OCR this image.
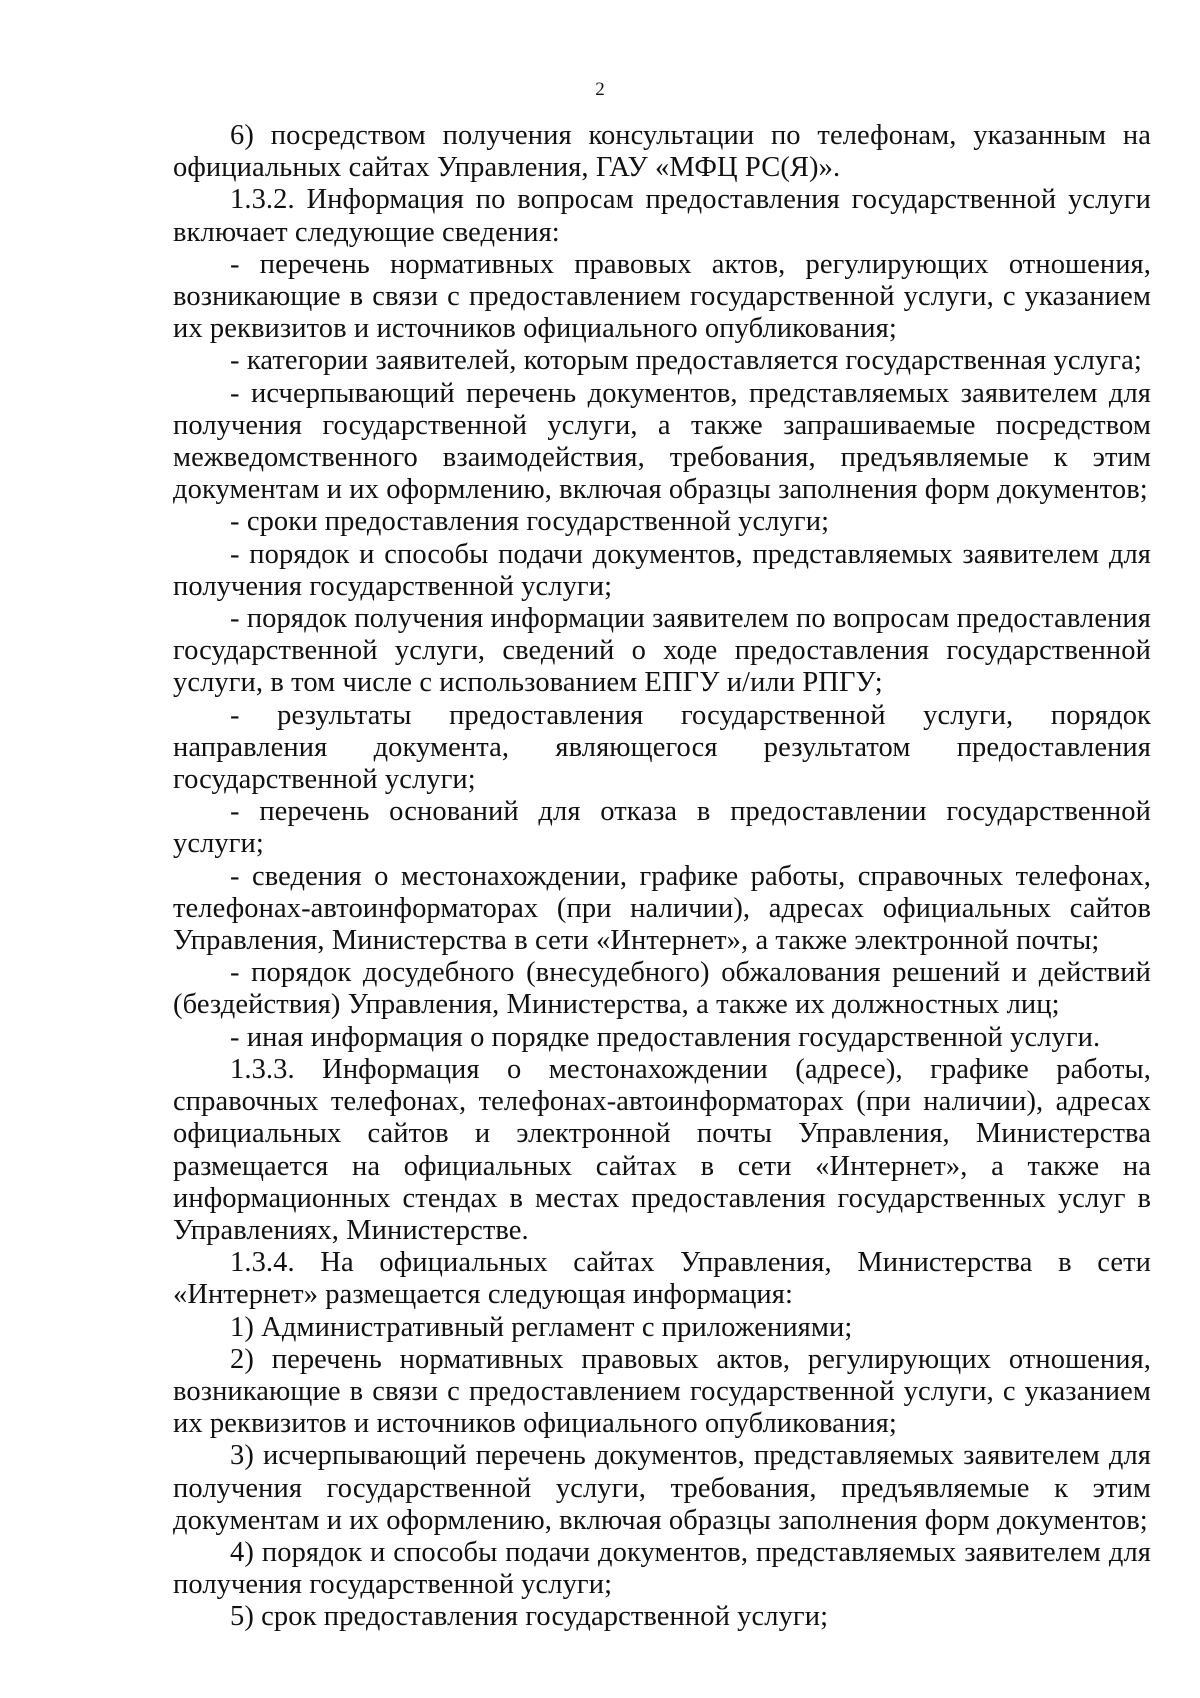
2

6) посредством получения консультации по телефонам, указанным на официальных сайтах Управления, ГАУ «МФЦ РС(Я)».

1.3.2. Информация по вопросам предоставления государственной услуги включает следующие сведения:

- перечень нормативных правовых актов, регулирующих отношения, возникающие в связи с предоставлением государственной услуги, с указанием их реквизитов и источников официального опубликования;

- категории заявителей, которым предоставляется государственная услуга;

- исчерпывающий перечень документов, представляемых заявителем для получения государственной услуги, а также запрашиваемые посредством межведомственного взаимодействия, требования, предъявляемые к этим документам и их оформлению, включая образцы заполнения форм документов;

- сроки предоставления государственной услуги;

- порядок и способы подачи документов, представляемых заявителем для получения государственной услуги;

- порядок получения информации заявителем по вопросам предоставления государственной услуги, сведений о ходе предоставления государственной услуги, в том числе с использованием ЕПГУ и/или РПГУ;

- результаты предоставления государственной услуги, порядок направления документа, являющегося результатом предоставления государственной услуги;

- перечень оснований для отказа в предоставлении государственной услуги;

- сведения о местонахождении, графике работы, справочных телефонах, телефонах-автоинформаторах (при наличии), адресах официальных сайтов Управления, Министерства в сети «Интернет», а также электронной почты;

- порядок досудебного (внесудебного) обжалования решений и действий (бездействия) Управления, Министерства, а также их должностных лиц;

- иная информация о порядке предоставления государственной услуги.

1.3.3. Информация о местонахождении (адресе), графике работы, справочных телефонах, телефонах-автоинформаторах (при наличии), адресах официальных сайтов и электронной почты Управления, Министерства размещается на официальных сайтах в сети «Интернет», а также на информационных стендах в местах предоставления государственных услуг в Управлениях, Министерстве.

1.3.4. На официальных сайтах Управления, Министерства в сети «Интернет» размещается следующая информация:

1) Административный регламент с приложениями;

2) перечень нормативных правовых актов, регулирующих отношения, возникающие в связи с предоставлением государственной услуги, с указанием их реквизитов и источников официального опубликования;

3) исчерпывающий перечень документов, представляемых заявителем для получения государственной услуги, требования, предъявляемые к этим документам и их оформлению, включая образцы заполнения форм документов;

4) порядок и способы подачи документов, представляемых заявителем для получения государственной услуги;

5) срок предоставления государственной услуги;
